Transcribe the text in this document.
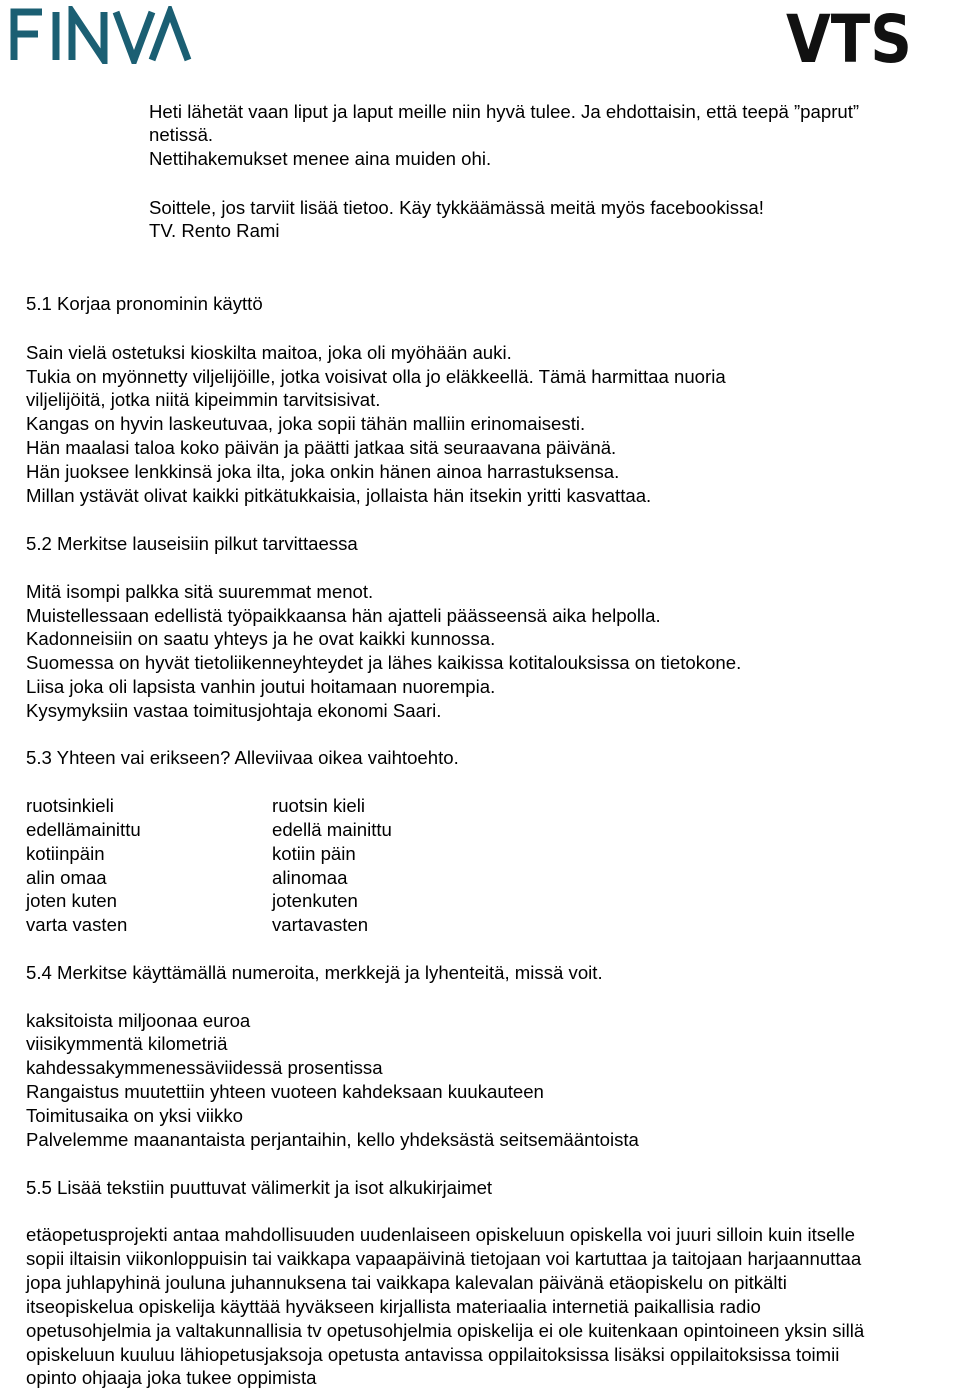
VTS
Heti lähetät vaan liput ja laput meille niin hyvä tulee. Ja ehdottaisin, että teepä ”paprut”
netissä.
Nettihakemukset menee aina muiden ohi.
Soittele, jos tarviit lisää tietoo. Käy tykkäämässä meitä myös facebookissa!
TV. Rento Rami
5.1 Korjaa pronominin käyttö
Sain vielä ostetuksi kioskilta maitoa, joka oli myöhään auki.
Tukia on myönnetty viljelijöille, jotka voisivat olla jo eläkkeellä. Tämä harmittaa nuoria
viljelijöitä, jotka niitä kipeimmin tarvitsisivat.
Kangas on hyvin laskeutuvaa, joka sopii tähän malliin erinomaisesti.
Hän maalasi taloa koko päivän ja päätti jatkaa sitä seuraavana päivänä.
Hän juoksee lenkkinsä joka ilta, joka onkin hänen ainoa harrastuksensa.
Millan ystävät olivat kaikki pitkätukkaisia, jollaista hän itsekin yritti kasvattaa.
5.2 Merkitse lauseisiin pilkut tarvittaessa
Mitä isompi palkka sitä suuremmat menot.
Muistellessaan edellistä työpaikkaansa hän ajatteli päässeensä aika helpolla.
Kadonneisiin on saatu yhteys ja he ovat kaikki kunnossa.
Suomessa on hyvät tietoliikenneyhteydet ja lähes kaikissa kotitalouksissa on tietokone.
Liisa joka oli lapsista vanhin joutui hoitamaan nuorempia.
Kysymyksiin vastaa toimitusjohtaja ekonomi Saari.
5.3 Yhteen vai erikseen? Alleviivaa oikea vaihtoehto.
ruotsinkieli	ruotsin kieli
edellämainittu	edellä mainittu
kotiinpäin	kotiin päin
alin omaa	alinomaa
joten kuten	jotenkuten
varta vasten	vartavasten
5.4 Merkitse käyttämällä numeroita, merkkejä ja lyhenteitä, missä voit.
kaksitoista miljoonaa euroa
viisikymmentä kilometriä
kahdessakymmenessäviidessä prosentissa
Rangaistus muutettiin yhteen vuoteen kahdeksaan kuukauteen
Toimitusaika on yksi viikko
Palvelemme maanantaista perjantaihin, kello yhdeksästä seitsemääntoista
5.5 Lisää tekstiin puuttuvat välimerkit ja isot alkukirjaimet
etäopetusprojekti antaa mahdollisuuden uudenlaiseen opiskeluun opiskella voi juuri silloin kuin itselle
sopii iltaisin viikonloppuisin tai vaikkapa vapaapäivinä tietojaan voi kartuttaa ja taitojaan harjaannuttaa
jopa juhlapyhinä jouluna juhannuksena tai vaikkapa kalevalan päivänä etäopiskelu on pitkälti
itseopiskelua opiskelija käyttää hyväkseen kirjallista materiaalia internetiä paikallisia radio
opetusohjelmia ja valtakunnallisia tv opetusohjelmia opiskelija ei ole kuitenkaan opintoineen yksin sillä
opiskeluun kuuluu lähiopetusjaksoja opetusta antavissa oppilaitoksissa lisäksi oppilaitoksissa toimii
opinto ohjaaja joka tukee oppimista
